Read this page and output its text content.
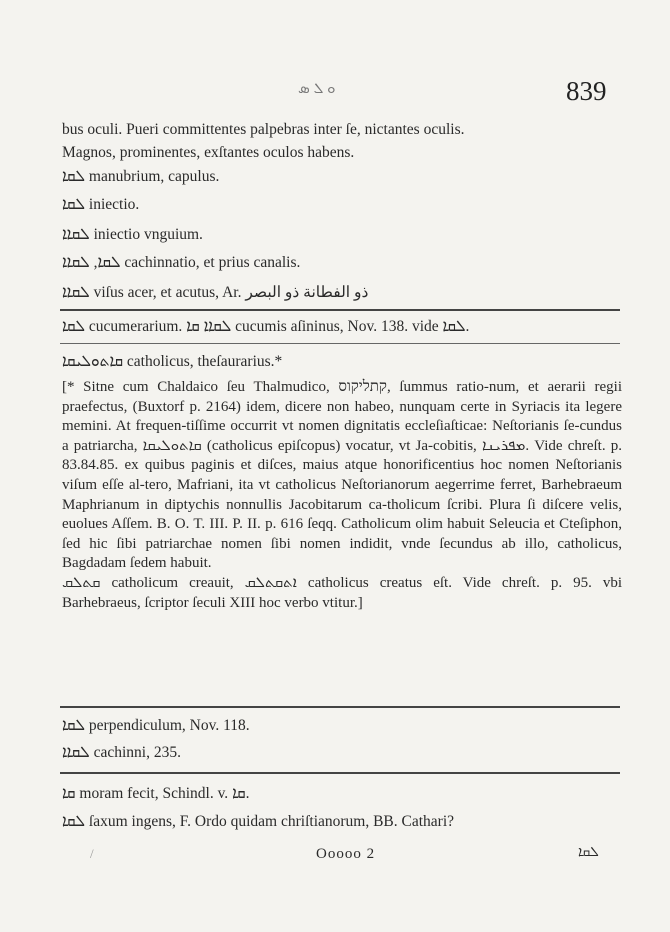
ܘ ܠ ܣ	839
bus oculi. Pueri committentes palpebras inter ſe, nictantes oculis.
Magnos, prominentes, exſtantes oculos habens.
ܠܩܐ manubrium, capulus.
ܠܩܐ iniectio.
ܠܩܐܐ iniectio vnguium.
ܠܩܐ, ܠܩܐܐ cachinnatio, et prius canalis.
ܠܩܐܐ viſus acer, et acutus, Ar. ذو الفطانة ذو البصر
ܠܩܐ cucumerarium. ܠܩܐܐ ܩܐ cucumis aſininus, Nov. 138. vide ܠܩܐ.
ܩܐܬܘܠܝܩܐ catholicus, theſaurarius.*

[* Sitne cum Chaldaico ſeu Thalmudico, קתליקוס, ſummus ratio-num, et aerarii regii praefectus, (Buxtorf p. 2164) idem, dicere non habeo, nunquam certe in Syriacis ita legere memini. At frequen-tiſſime occurrit vt nomen dignitatis eccleſiaſticae: Neſtorianis ſe-cundus a patriarcha, ܩܐܬܘܠܝܩܐ (catholicus epiſcopus) vocatur, vt Ja-cobitis, ܡܦܪܝܢܐ. Vide chreſt. p. 83.84.85. ex quibus paginis et diſces, maius atque honorificentius hoc nomen Neſtorianis viſum eſſe al-tero, Mafriani, ita vt catholicus Neſtorianorum aegerrime ferret, Barhebraeum Maphrianum in diptychis nonnullis Jacobitarum ca-tholicum ſcribi. Plura ſi diſcere velis, euolues Aſſem. B. O. T. III. P. II. p. 616 ſeqq. Catholicum olim habuit Seleucia et Cteſiphon, ſed hic ſibi patriarchae nomen ſibi nomen indidit, vnde ſecundus ab illo, catholicus, Bagdadam ſedem habuit.

ܩܬܠܩ catholicum creauit, ܐܬܩܬܠܩ catholicus creatus eſt. Vide chreſt. p. 95. vbi Barhebraeus, ſcriptor ſeculi XIII hoc verbo vtitur.]

ܠܩܐ perpendiculum, Nov. 118.
ܠܩܐܐ cachinni, 235.
ܩܐ moram fecit, Schindl. v. ܩܐ.
ܠܩܐ ſaxum ingens, F. Ordo quidam chriſtianorum, BB. Cathari?
/	Ooooo 2	ܠܩܐ
